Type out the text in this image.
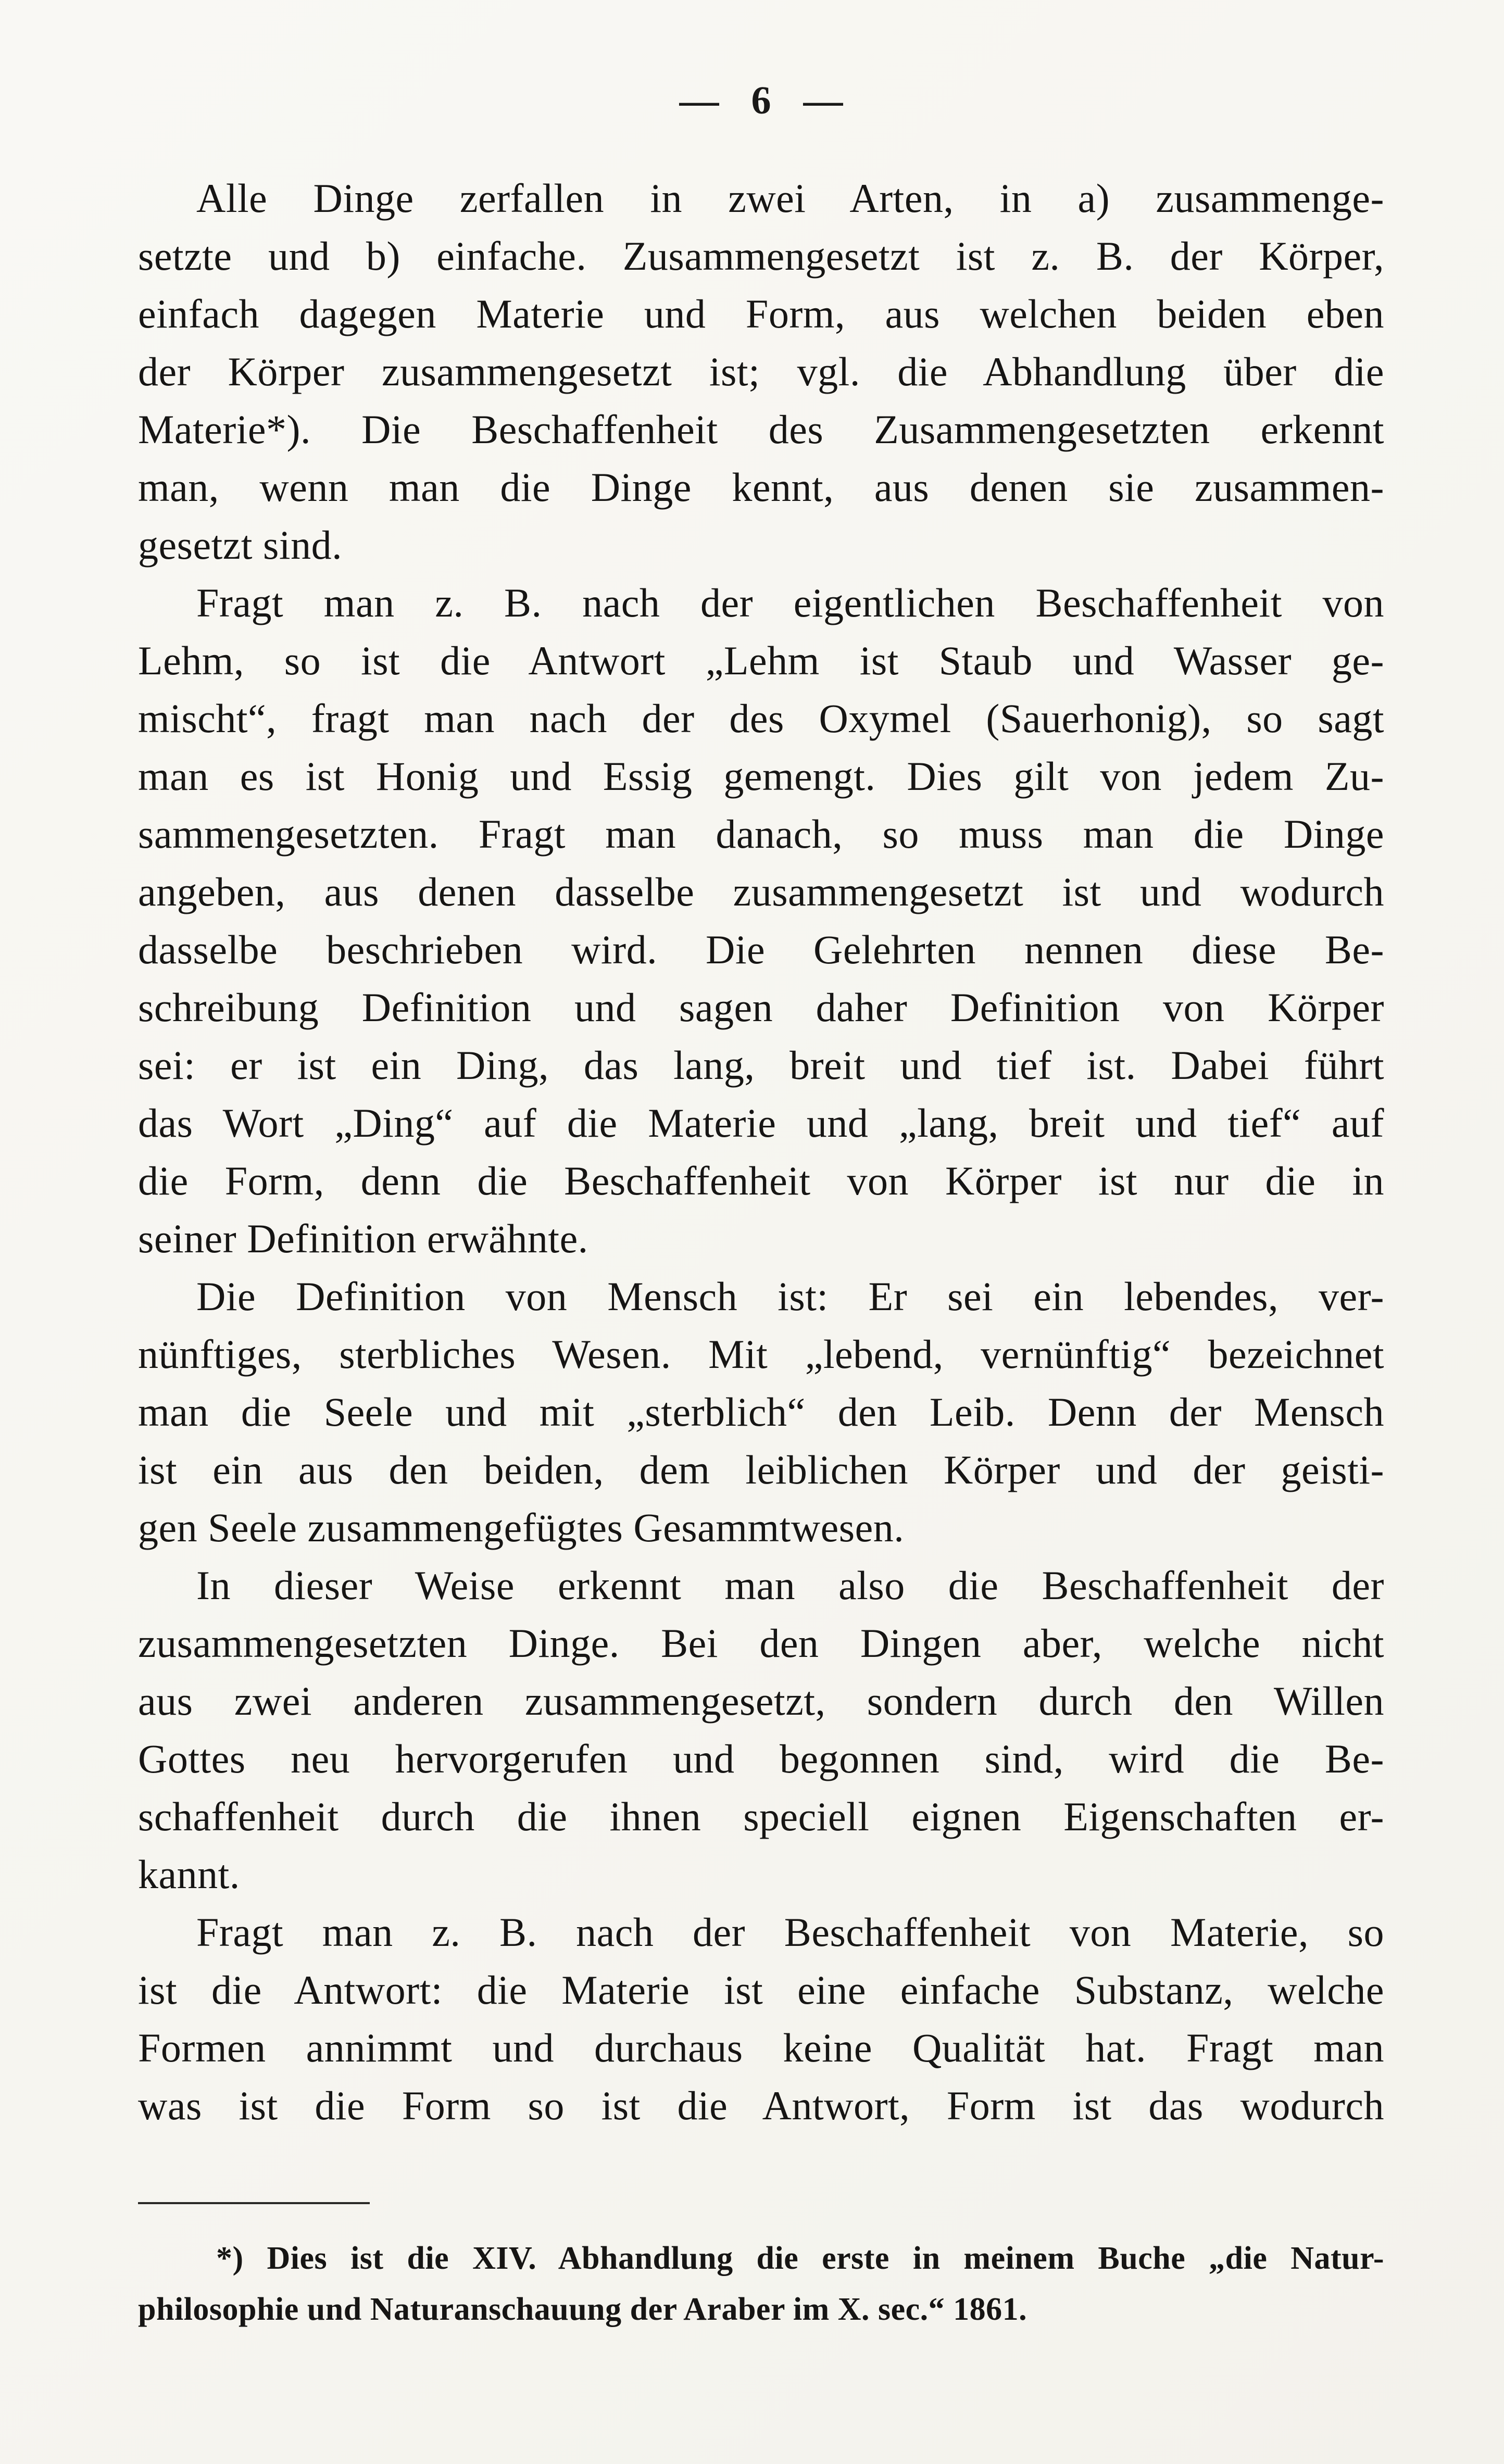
— 6 —
Alle Dinge zerfallen in zwei Arten, in a) zusammenge-
setzte und b) einfache. Zusammengesetzt ist z. B. der Körper,
einfach dagegen Materie und Form, aus welchen beiden eben
der Körper zusammengesetzt ist; vgl. die Abhandlung über die
Materie*). Die Beschaffenheit des Zusammengesetzten erkennt
man, wenn man die Dinge kennt, aus denen sie zusammen-
gesetzt sind.
Fragt man z. B. nach der eigentlichen Beschaffenheit von
Lehm, so ist die Antwort „Lehm ist Staub und Wasser ge-
mischt“, fragt man nach der des Oxymel (Sauerhonig), so sagt
man es ist Honig und Essig gemengt. Dies gilt von jedem Zu-
sammengesetzten. Fragt man danach, so muss man die Dinge
angeben, aus denen dasselbe zusammengesetzt ist und wodurch
dasselbe beschrieben wird. Die Gelehrten nennen diese Be-
schreibung Definition und sagen daher Definition von Körper
sei: er ist ein Ding, das lang, breit und tief ist. Dabei führt
das Wort „Ding“ auf die Materie und „lang, breit und tief“ auf
die Form, denn die Beschaffenheit von Körper ist nur die in
seiner Definition erwähnte.
Die Definition von Mensch ist: Er sei ein lebendes, ver-
nünftiges, sterbliches Wesen. Mit „lebend, vernünftig“ bezeichnet
man die Seele und mit „sterblich“ den Leib. Denn der Mensch
ist ein aus den beiden, dem leiblichen Körper und der geisti-
gen Seele zusammengefügtes Gesammtwesen.
In dieser Weise erkennt man also die Beschaffenheit der
zusammengesetzten Dinge. Bei den Dingen aber, welche nicht
aus zwei anderen zusammengesetzt, sondern durch den Willen
Gottes neu hervorgerufen und begonnen sind, wird die Be-
schaffenheit durch die ihnen speciell eignen Eigenschaften er-
kannt.
Fragt man z. B. nach der Beschaffenheit von Materie, so
ist die Antwort: die Materie ist eine einfache Substanz, welche
Formen annimmt und durchaus keine Qualität hat. Fragt man
was ist die Form so ist die Antwort, Form ist das wodurch
*) Dies ist die XIV. Abhandlung die erste in meinem Buche „die Natur-
philosophie und Naturanschauung der Araber im X. sec.“ 1861.
